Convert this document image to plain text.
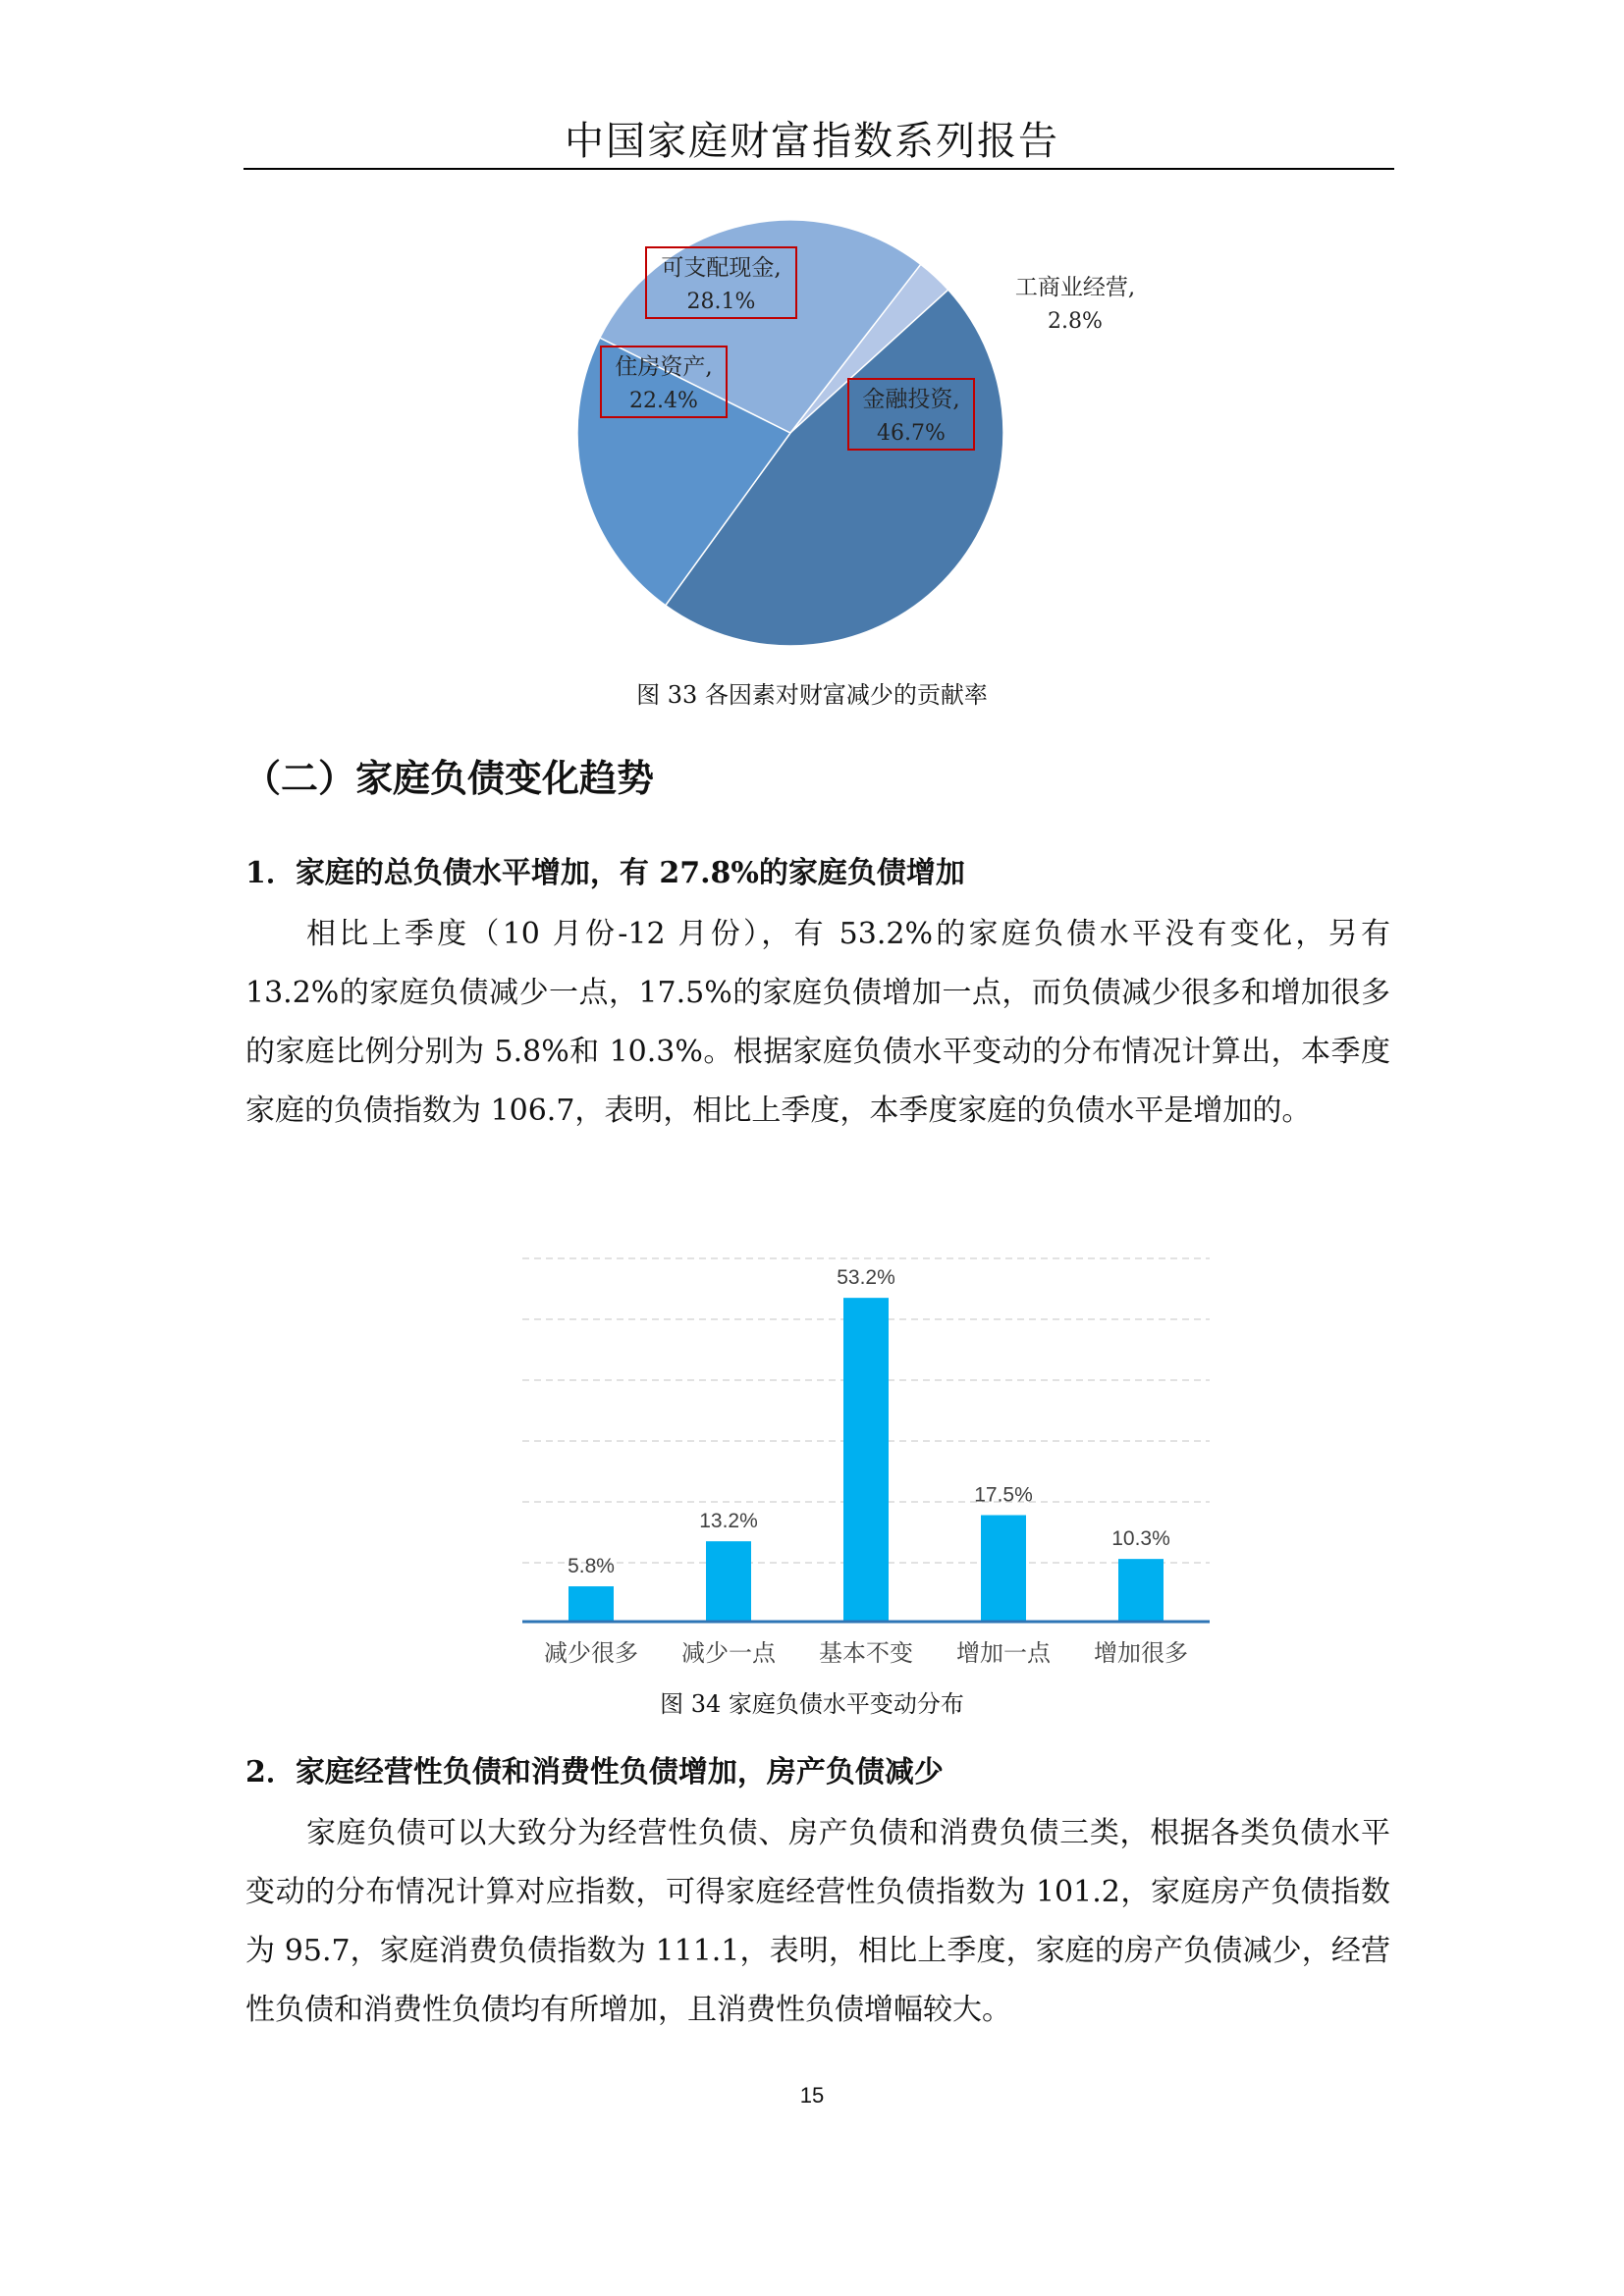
中国家庭财富指数系列报告
工商业经营,
2.8%
金融投资,
46.7%
住房资产,
22.4%
可支配现金,
28.1%
图 33 各因素对财富减少的贡献率
（二）家庭负债变化趋势
1．家庭的总负债水平增加，有 27.8%的家庭负债增加
相比上季度（10 月份-12 月份），有 53.2%的家庭负债水平没有变化，另有 13.2%的家庭负债减少一点，17.5%的家庭负债增加一点，而负债减少很多和增加很多的家庭比例分别为 5.8%和 10.3%。根据家庭负债水平变动的分布情况计算出，本季度家庭的负债指数为 106.7，表明，相比上季度，本季度家庭的负债水平是增加的。
5.8%
减少很多
13.2%
减少一点
53.2%
基本不变
17.5%
增加一点
10.3%
增加很多
图 34 家庭负债水平变动分布
2．家庭经营性负债和消费性负债增加，房产负债减少
家庭负债可以大致分为经营性负债、房产负债和消费负债三类，根据各类负债水平变动的分布情况计算对应指数，可得家庭经营性负债指数为 101.2，家庭房产负债指数为 95.7，家庭消费负债指数为 111.1，表明，相比上季度，家庭的房产负债减少，经营性负债和消费性负债均有所增加，且消费性负债增幅较大。
15
